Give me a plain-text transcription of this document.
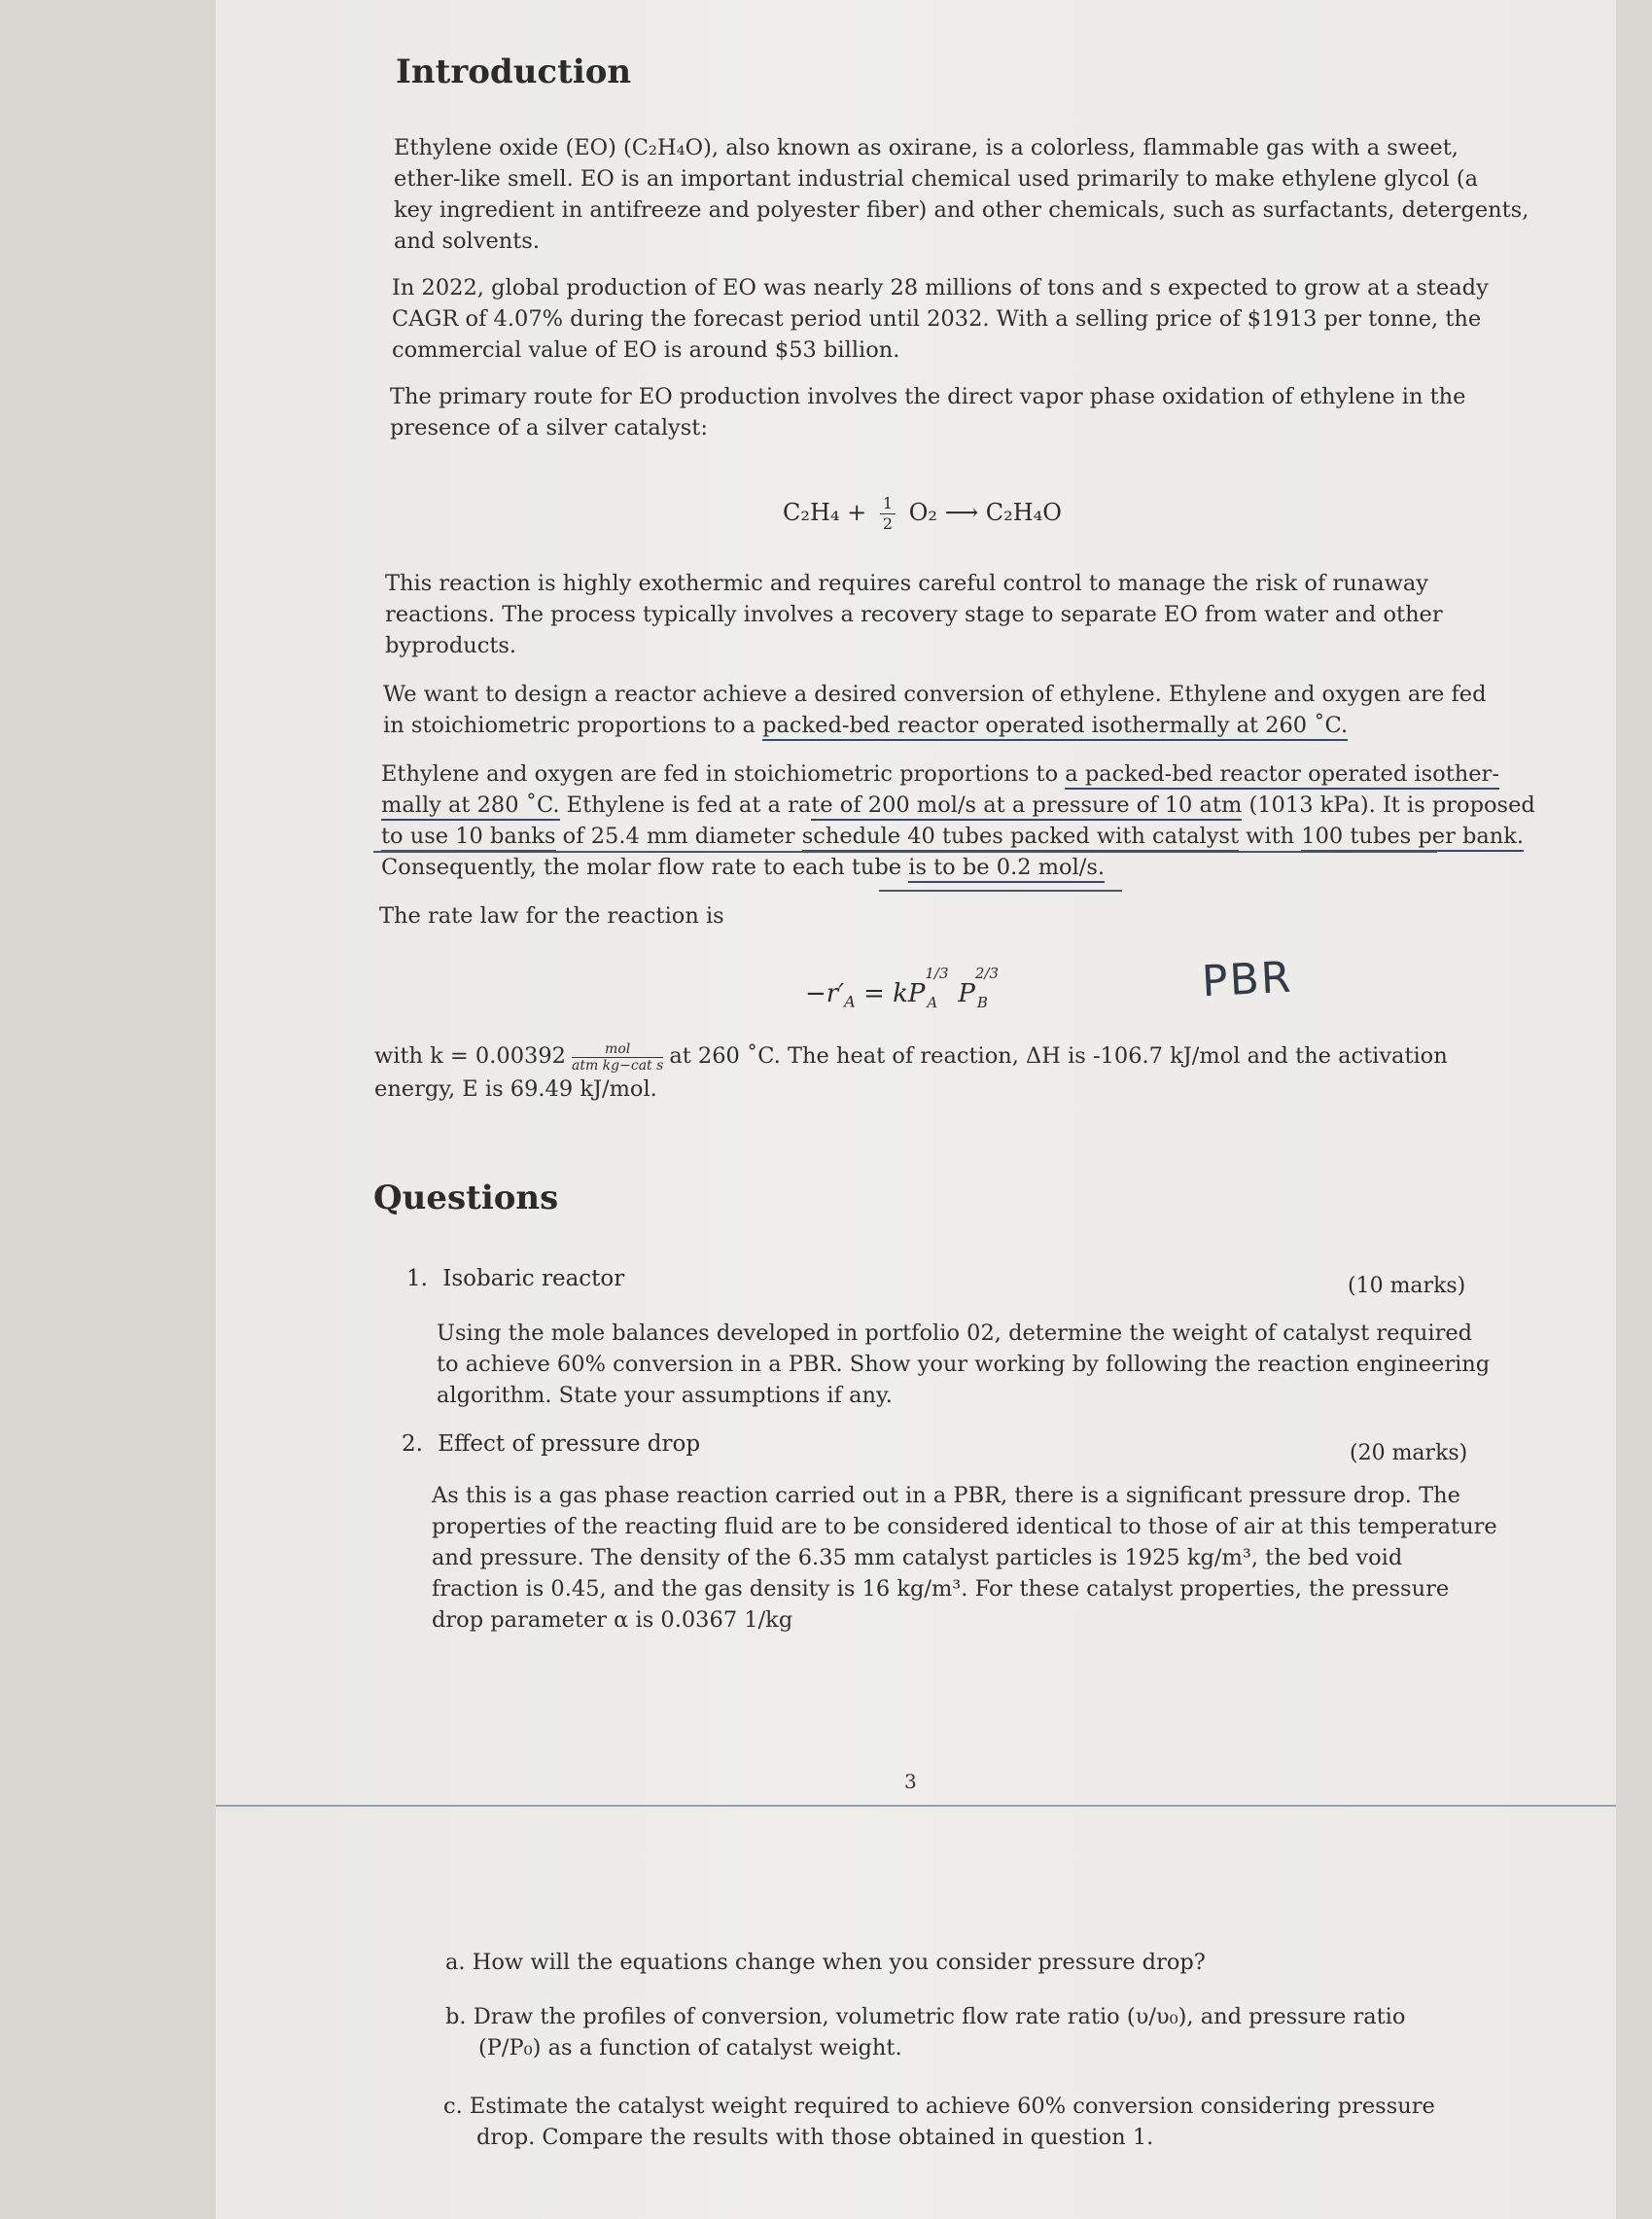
Introduction
Ethylene oxide (EO) (C₂H₄O), also known as oxirane, is a colorless, flammable gas with a sweet,
ether-like smell. EO is an important industrial chemical used primarily to make ethylene glycol (a
key ingredient in antifreeze and polyester fiber) and other chemicals, such as surfactants, detergents,
and solvents.
In 2022, global production of EO was nearly 28 millions of tons and s expected to grow at a steady
CAGR of 4.07% during the forecast period until 2032. With a selling price of $1913 per tonne, the
commercial value of EO is around $53 billion.
The primary route for EO production involves the direct vapor phase oxidation of ethylene in the
presence of a silver catalyst:
$C_2H_4 + \frac{1}{2} O_2$ ⟶ C₂H₄O
This reaction is highly exothermic and requires careful control to manage the risk of runaway
reactions. The process typically involves a recovery stage to separate EO from water and other
byproducts.
We want to design a reactor achieve a desired conversion of ethylene. Ethylene and oxygen are fed
in stoichiometric proportions to a packed-bed reactor operated isothermally at 260 ˚C.
Ethylene and oxygen are fed in stoichiometric proportions to a packed-bed reactor operated isother-
mally at 280 ˚C. Ethylene is fed at a rate of 200 mol/s at a pressure of 10 atm (1013 kPa). It is proposed
to use 10 banks of 25.4 mm diameter schedule 40 tubes packed with catalyst with 100 tubes per bank.
Consequently, the molar flow rate to each tube is to be 0.2 mol/s.
The rate law for the reaction is
$-r'_A$ = kP
1/3
A P
2/3
B	PBR
with $k = 0.00392 \frac{\text{mol}}{\text{atm kg−cat s}}$ at 260 ˚C. The heat of reaction, ΔH is -106.7 kJ/mol and the activation
energy, E is 69.49 kJ/mol.
Questions
1. Isobaric reactor	(10 marks)
Using the mole balances developed in portfolio 02, determine the weight of catalyst required
to achieve 60% conversion in a PBR. Show your working by following the reaction engineering
algorithm. State your assumptions if any.
2. Effect of pressure drop	(20 marks)
As this is a gas phase reaction carried out in a PBR, there is a significant pressure drop. The
properties of the reacting fluid are to be considered identical to those of air at this temperature
and pressure. The density of the 6.35 mm catalyst particles is 1925 kg/m³, the bed void
fraction is 0.45, and the gas density is 16 kg/m³. For these catalyst properties, the pressure
drop parameter α is 0.0367 1/kg
3
a. How will the equations change when you consider pressure drop?
b. Draw the profiles of conversion, volumetric flow rate ratio (υ/υ₀), and pressure ratio
(P/P₀) as a function of catalyst weight.
c. Estimate the catalyst weight required to achieve 60% conversion considering pressure
drop. Compare the results with those obtained in question 1.
